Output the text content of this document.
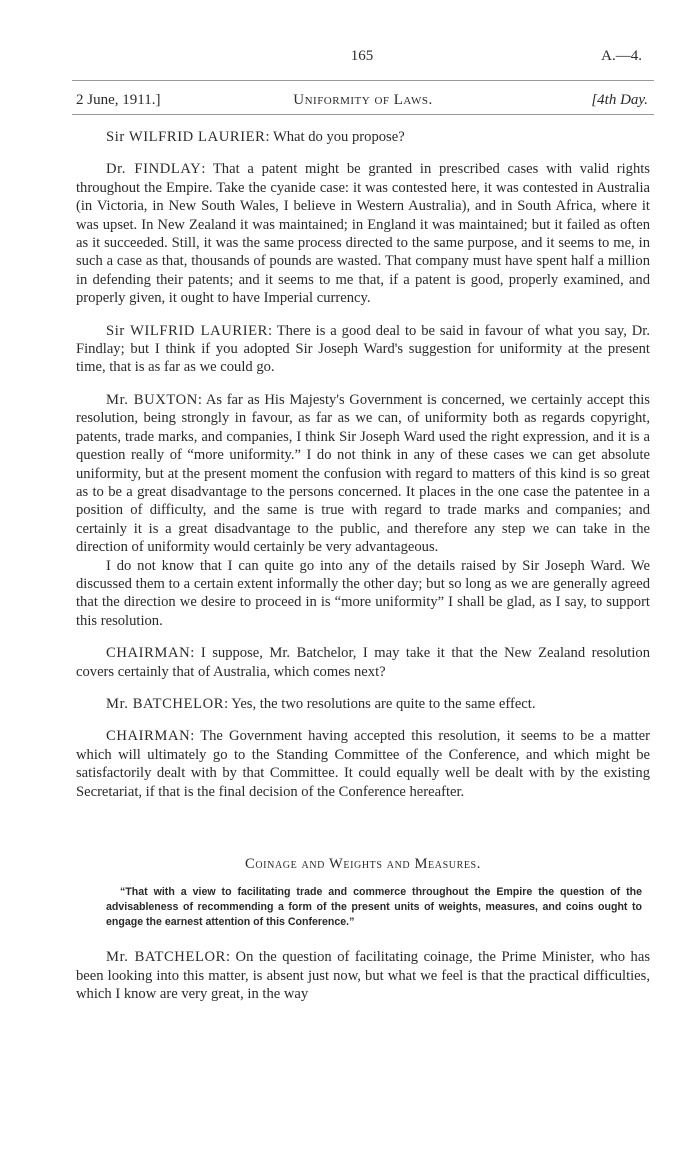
165	A.—4.
2 June, 1911.]	Uniformity of Laws.	[4th Day.

Sir WILFRID LAURIER: What do you propose?

Dr. FINDLAY: That a patent might be granted in prescribed cases with valid rights throughout the Empire. Take the cyanide case: it was contested here, it was contested in Australia (in Victoria, in New South Wales, I believe in Western Australia), and in South Africa, where it was upset. In New Zealand it was maintained; in England it was maintained; but it failed as often as it succeeded. Still, it was the same process directed to the same purpose, and it seems to me, in such a case as that, thousands of pounds are wasted. That company must have spent half a million in defending their patents; and it seems to me that, if a patent is good, properly examined, and properly given, it ought to have Imperial currency.

Sir WILFRID LAURIER: There is a good deal to be said in favour of what you say, Dr. Findlay; but I think if you adopted Sir Joseph Ward's suggestion for uniformity at the present time, that is as far as we could go.

Mr. BUXTON: As far as His Majesty's Government is concerned, we certainly accept this resolution, being strongly in favour, as far as we can, of uniformity both as regards copyright, patents, trade marks, and companies, I think Sir Joseph Ward used the right expression, and it is a question really of “more uniformity.” I do not think in any of these cases we can get absolute uniformity, but at the present moment the confusion with regard to matters of this kind is so great as to be a great disadvantage to the persons concerned. It places in the one case the patentee in a position of difficulty, and the same is true with regard to trade marks and companies; and certainly it is a great disadvantage to the public, and therefore any step we can take in the direction of uniformity would certainly be very advantageous.

I do not know that I can quite go into any of the details raised by Sir Joseph Ward. We discussed them to a certain extent informally the other day; but so long as we are generally agreed that the direction we desire to proceed in is “more uniformity” I shall be glad, as I say, to support this resolution.

CHAIRMAN: I suppose, Mr. Batchelor, I may take it that the New Zealand resolution covers certainly that of Australia, which comes next?

Mr. BATCHELOR: Yes, the two resolutions are quite to the same effect.

CHAIRMAN: The Government having accepted this resolution, it seems to be a matter which will ultimately go to the Standing Committee of the Conference, and which might be satisfactorily dealt with by that Committee. It could equally well be dealt with by the existing Secretariat, if that is the final decision of the Conference hereafter.

Coinage and Weights and Measures.

“That with a view to facilitating trade and commerce throughout the Empire the question of the advisableness of recommending a form of the present units of weights, measures, and coins ought to engage the earnest attention of this Conference.”

Mr. BATCHELOR: On the question of facilitating coinage, the Prime Minister, who has been looking into this matter, is absent just now, but what we feel is that the practical difficulties, which I know are very great, in the way
